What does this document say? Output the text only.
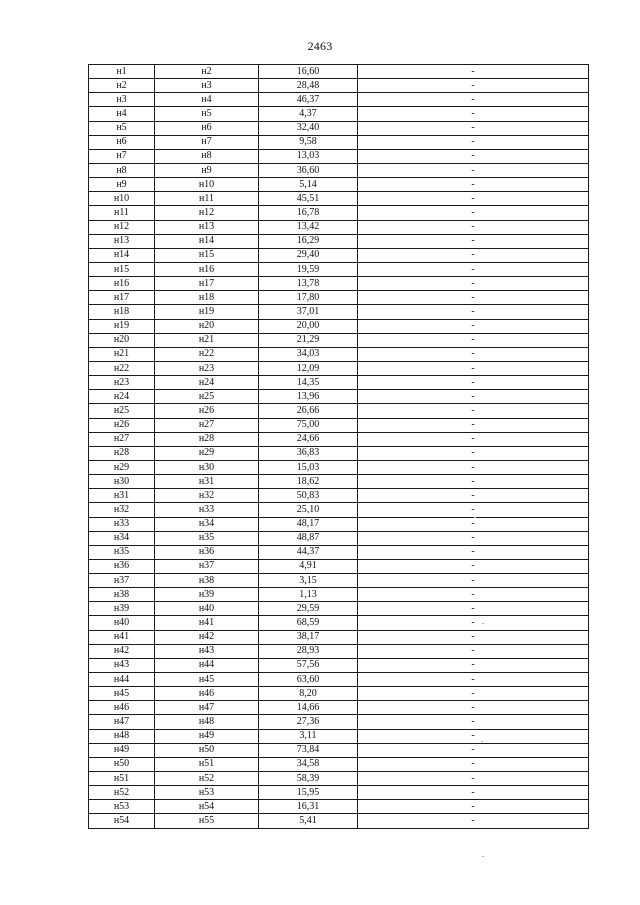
2463
н1	н2	16,60	-
н2	н3	28,48	-
н3	н4	46,37	-
н4	н5	4,37	-
н5	н6	32,40	-
н6	н7	9,58	-
н7	н8	13,03	-
н8	н9	36,60	-
н9	н10	5,14	-
н10	н11	45,51	-
н11	н12	16,78	-
н12	н13	13,42	-
н13	н14	16,29	-
н14	н15	29,40	-
н15	н16	19,59	-
н16	н17	13,78	-
н17	н18	17,80	-
н18	н19	37,01	-
н19	н20	20,00	-
н20	н21	21,29	-
н21	н22	34,03	-
н22	н23	12,09	-
н23	н24	14,35	-
н24	н25	13,96	-
н25	н26	26,66	-
н26	н27	75,00	-
н27	н28	24,66	-
н28	н29	36,83	-
н29	н30	15,03	-
н30	н31	18,62	-
н31	н32	50,83	-
н32	н33	25,10	-
н33	н34	48,17	-
н34	н35	48,87	-
н35	н36	44,37	-
н36	н37	4,91	-
н37	н38	3,15	-
н38	н39	1,13	-
н39	н40	29,59	-
н40	н41	68,59	-
н41	н42	38,17	-
н42	н43	28,93	-
н43	н44	57,56	-
н44	н45	63,60	-
н45	н46	8,20	-
н46	н47	14,66	-
н47	н48	27,36	-
н48	н49	3,11	-
н49	н50	73,84	-
н50	н51	34,58	-
н51	н52	58,39	-
н52	н53	15,95	-
н53	н54	16,31	-
н54	н55	5,41	-
